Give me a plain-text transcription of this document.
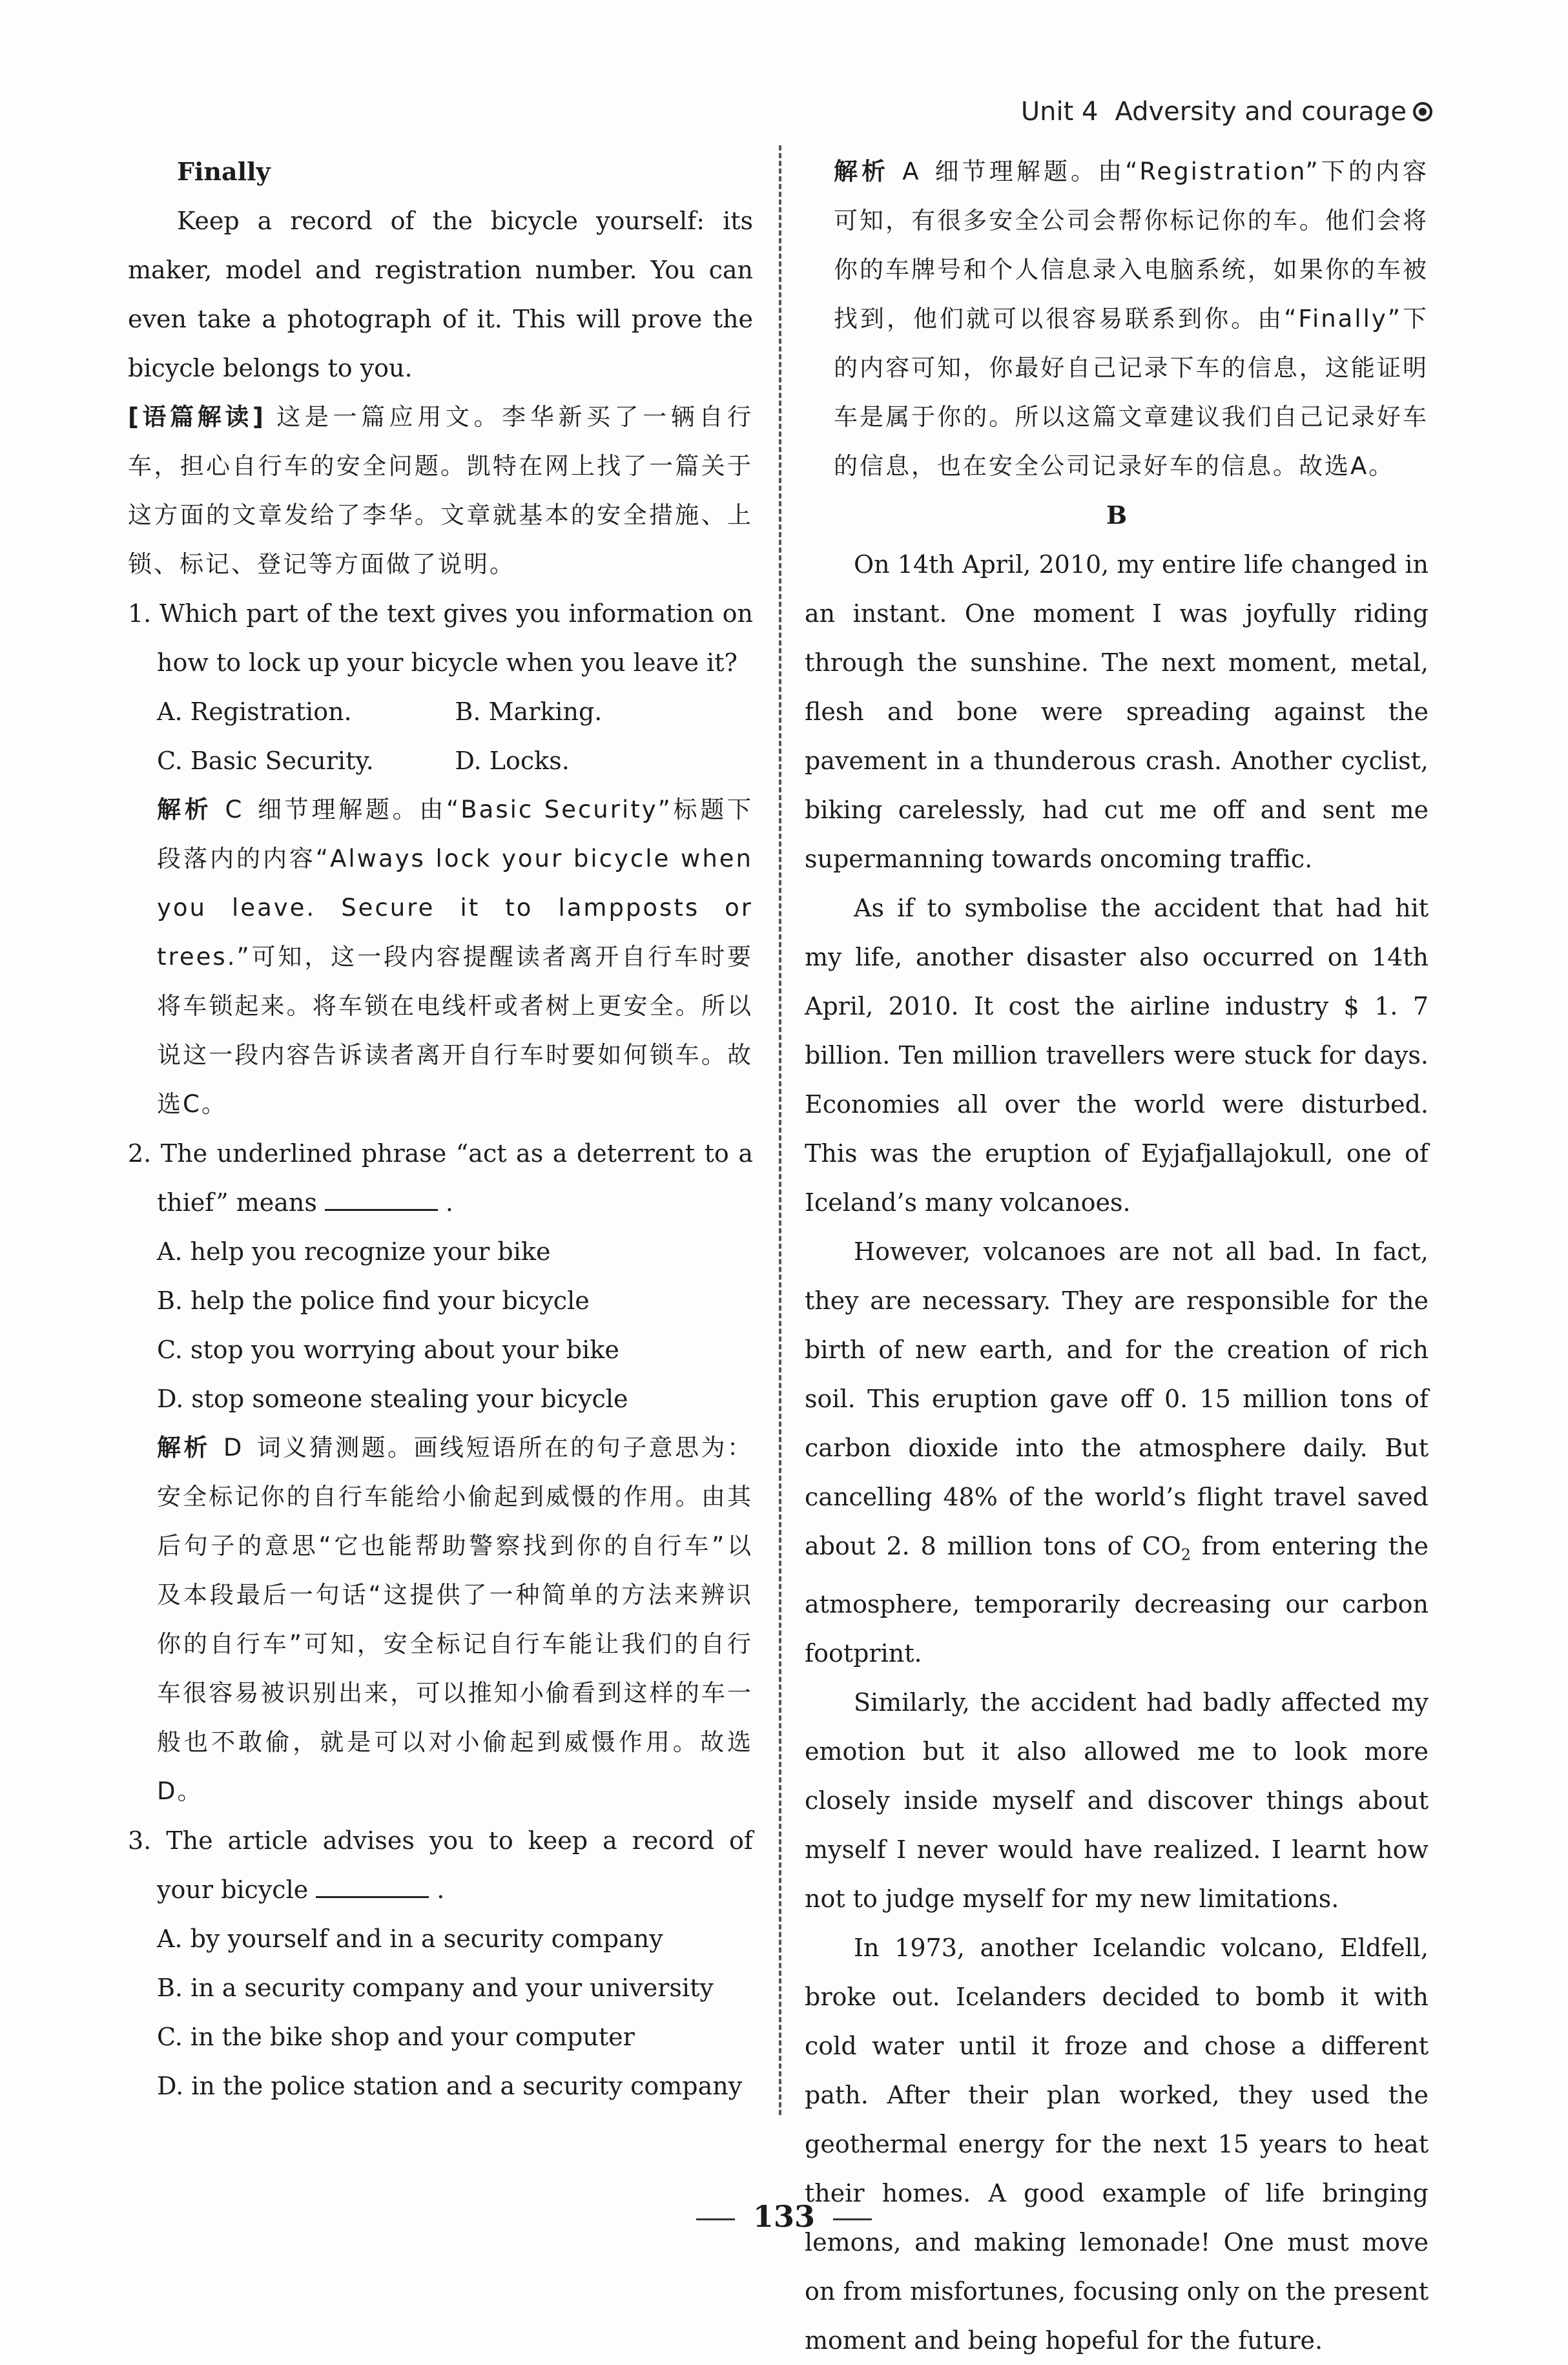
Unit 4 Adversity and courage

Finally

Keep a record of the bicycle yourself: its maker, model and registration number. You can even take a photograph of it. This will prove the bicycle belongs to you.

[语篇解读] 这是一篇应用文。李华新买了一辆自行车，担心自行车的安全问题。凯特在网上找了一篇关于这方面的文章发给了李华。文章就基本的安全措施、上锁、标记、登记等方面做了说明。

1. Which part of the text gives you information on how to lock up your bicycle when you leave it?

A. Registration.	B. Marking.
C. Basic Security.	D. Locks.

解析 C 细节理解题。由“Basic Security”标题下段落内的内容“Always lock your bicycle when you leave. Secure it to lampposts or trees.”可知，这一段内容提醒读者离开自行车时要将车锁起来。将车锁在电线杆或者树上更安全。所以说这一段内容告诉读者离开自行车时要如何锁车。故选C。

2. The underlined phrase “act as a deterrent to a thief” means	.

A. help you recognize your bike

B. help the police find your bicycle

C. stop you worrying about your bike

D. stop someone stealing your bicycle

解析 D 词义猜测题。画线短语所在的句子意思为：安全标记你的自行车能给小偷起到威慑的作用。由其后句子的意思“它也能帮助警察找到你的自行车”以及本段最后一句话“这提供了一种简单的方法来辨识你的自行车”可知，安全标记自行车能让我们的自行车很容易被识别出来，可以推知小偷看到这样的车一般也不敢偷，就是可以对小偷起到威慑作用。故选D。

3. The article advises you to keep a record of your bicycle	.

A. by yourself and in a security company

B. in a security company and your university

C. in the bike shop and your computer

D. in the police station and a security company

解析 A 细节理解题。由“Registration”下的内容可知，有很多安全公司会帮你标记你的车。他们会将你的车牌号和个人信息录入电脑系统，如果你的车被找到，他们就可以很容易联系到你。由“Finally”下的内容可知，你最好自己记录下车的信息，这能证明车是属于你的。所以这篇文章建议我们自己记录好车的信息，也在安全公司记录好车的信息。故选A。

B

On 14th April, 2010, my entire life changed in an instant. One moment I was joyfully riding through the sunshine. The next moment, metal, flesh and bone were spreading against the pavement in a thunderous crash. Another cyclist, biking carelessly, had cut me off and sent me supermanning towards oncoming traffic.

As if to symbolise the accident that had hit my life, another disaster also occurred on 14th April, 2010. It cost the airline industry $ 1. 7 billion. Ten million travellers were stuck for days. Economies all over the world were disturbed. This was the eruption of Eyjafjallajokull, one of Iceland’s many volcanoes.

However, volcanoes are not all bad. In fact, they are necessary. They are responsible for the birth of new earth, and for the creation of rich soil. This eruption gave off 0. 15 million tons of carbon dioxide into the atmosphere daily. But cancelling 48% of the world’s flight travel saved about 2. 8 million tons of $CO_2$ from entering the atmosphere, temporarily decreasing our carbon footprint.

Similarly, the accident had badly affected my emotion but it also allowed me to look more closely inside myself and discover things about myself I never would have realized. I learnt how not to judge myself for my new limitations.

In 1973, another Icelandic volcano, Eldfell, broke out. Icelanders decided to bomb it with cold water until it froze and chose a different path. After their plan worked, they used the geothermal energy for the next 15 years to heat their homes. A good example of life bringing lemons, and making lemonade! One must move on from misfortunes, focusing only on the present moment and being hopeful for the future.

133
